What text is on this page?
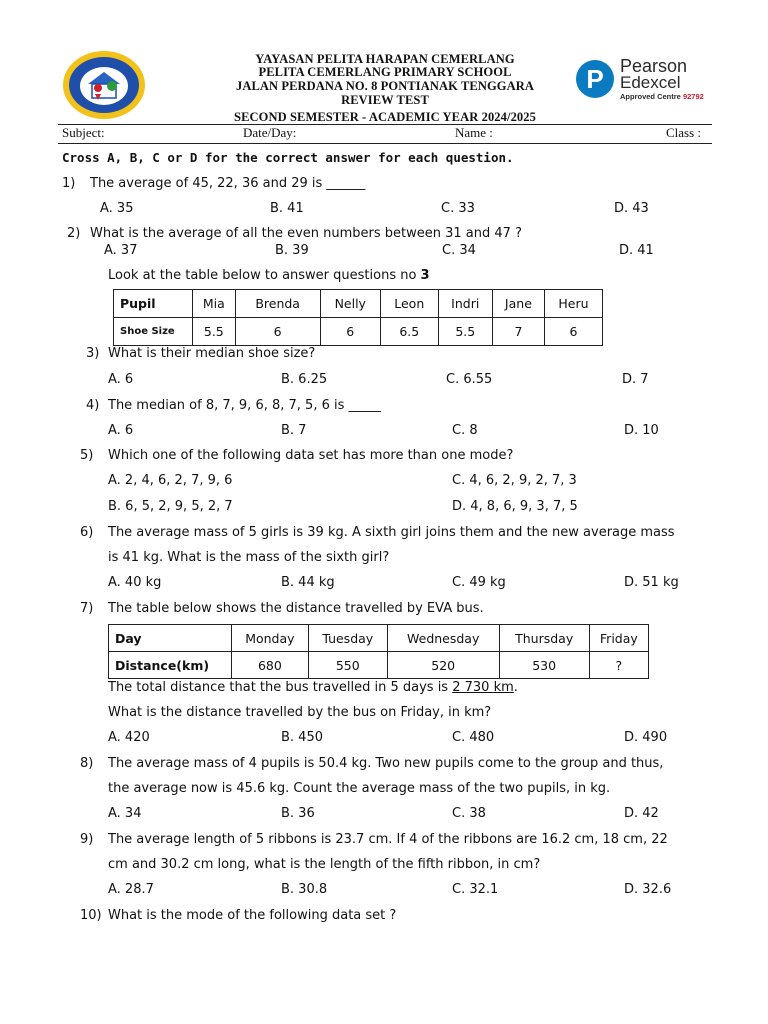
YAYASAN PELITA HARAPAN CEMERLANG
PELITA CEMERLANG PRIMARY SCHOOL
JALAN PERDANA NO. 8 PONTIANAK TENGGARA
REVIEW TEST
SECOND SEMESTER - ACADEMIC YEAR 2024/2025
P Pearson
Edexcel
Approved Centre 92792
Subject:	Date/Day:	Name :	Class :
Cross A, B, C or D for the correct answer for each question.
1) The average of 45, 22, 36 and 29 is ______
A. 35	B. 41	C. 33	D. 43
2) What is the average of all the even numbers between 31 and 47 ?
A. 37	B. 39	C. 34	D. 41
Look at the table below to answer questions no 3
Pupil	Mia	Brenda	Nelly	Leon	Indri	Jane	Heru
Shoe Size	5.5	6	6	6.5	5.5	7	6
3) What is their median shoe size?
A. 6	B. 6.25	C. 6.55	D. 7
4) The median of 8, 7, 9, 6, 8, 7, 5, 6 is _____
A. 6	B. 7	C. 8	D. 10
5) Which one of the following data set has more than one mode?
A. 2, 4, 6, 2, 7, 9, 6	C. 4, 6, 2, 9, 2, 7, 3
B. 6, 5, 2, 9, 5, 2, 7	D. 4, 8, 6, 9, 3, 7, 5
6) The average mass of 5 girls is 39 kg. A sixth girl joins them and the new average mass
is 41 kg. What is the mass of the sixth girl?
A. 40 kg	B. 44 kg	C. 49 kg	D. 51 kg
7) The table below shows the distance travelled by EVA bus.
Day	Monday	Tuesday	Wednesday	Thursday	Friday
Distance(km)	680	550	520	530	?
The total distance that the bus travelled in 5 days is 2 730 km.
What is the distance travelled by the bus on Friday, in km?
A. 420	B. 450	C. 480	D. 490
8) The average mass of 4 pupils is 50.4 kg. Two new pupils come to the group and thus,
the average now is 45.6 kg. Count the average mass of the two pupils, in kg.
A. 34	B. 36	C. 38	D. 42
9) The average length of 5 ribbons is 23.7 cm. If 4 of the ribbons are 16.2 cm, 18 cm, 22
cm and 30.2 cm long, what is the length of the fifth ribbon, in cm?
A. 28.7	B. 30.8	C. 32.1	D. 32.6
10) What is the mode of the following data set ?
